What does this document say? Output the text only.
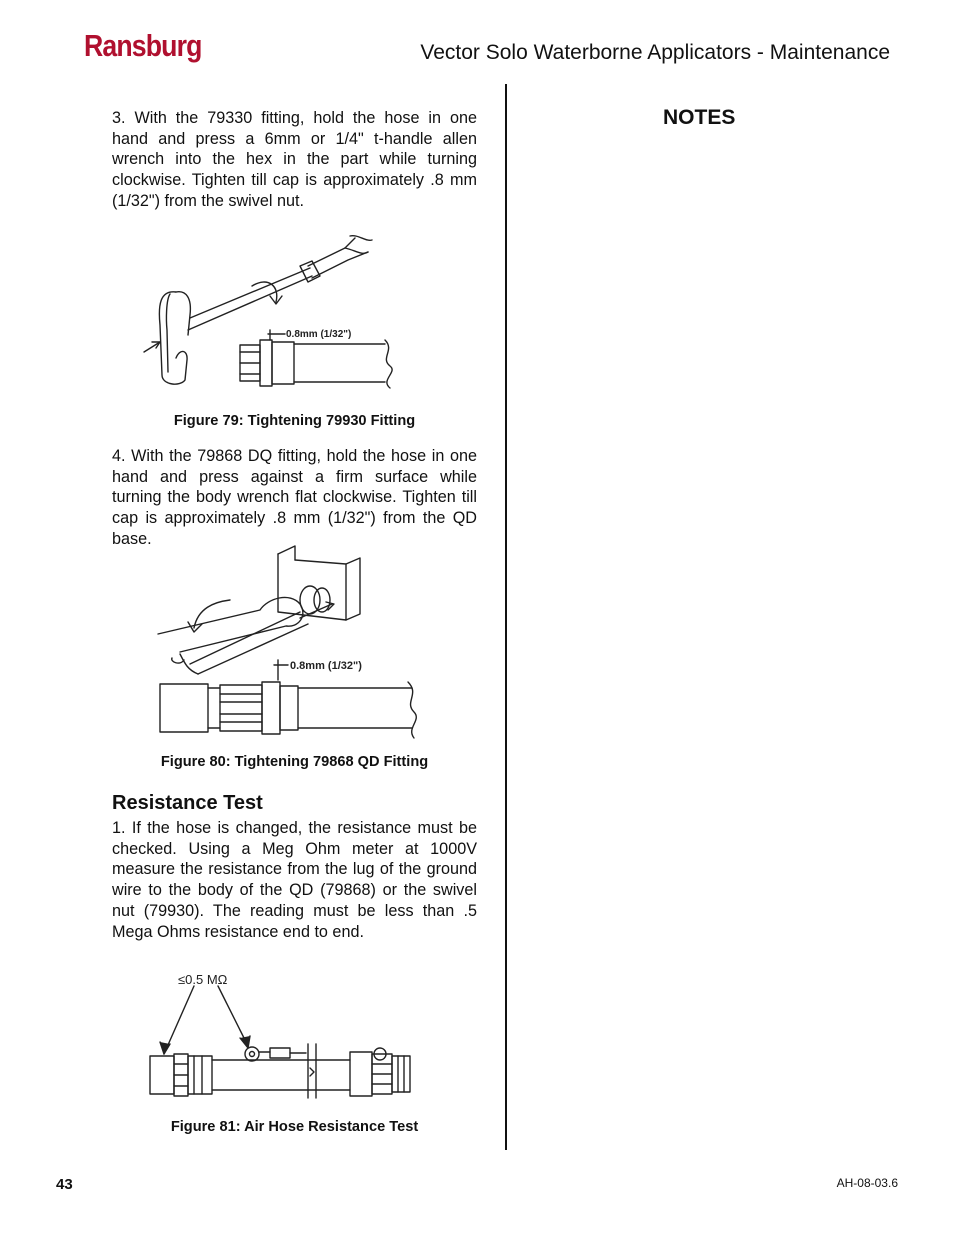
Ransburg	Vector Solo Waterborne Applicators - Maintenance

3. With the 79330 fitting, hold the hose in one hand and press a 6mm or 1/4" t-handle allen wrench into the hex in the part while turning clockwise. Tighten till cap is approximately .8 mm (1/32") from the swivel nut.

0.8mm (1/32")

Figure 79: Tightening 79930 Fitting

4. With the 79868 DQ fitting, hold the hose in one hand and press against a firm surface while turning the body wrench flat clockwise. Tighten till cap is approximately .8 mm (1/32") from the QD base.

0.8mm (1/32")

Figure 80: Tightening 79868 QD Fitting

Resistance Test

1. If the hose is changed, the resistance must be checked. Using a Meg Ohm meter at 1000V measure the resistance from the lug of the ground wire to the body of the QD (79868) or the swivel nut (79930). The reading must be less than .5 Mega Ohms resistance end to end.

≤0.5 MΩ

Figure 81: Air Hose Resistance Test

NOTES
43	AH-08-03.6
